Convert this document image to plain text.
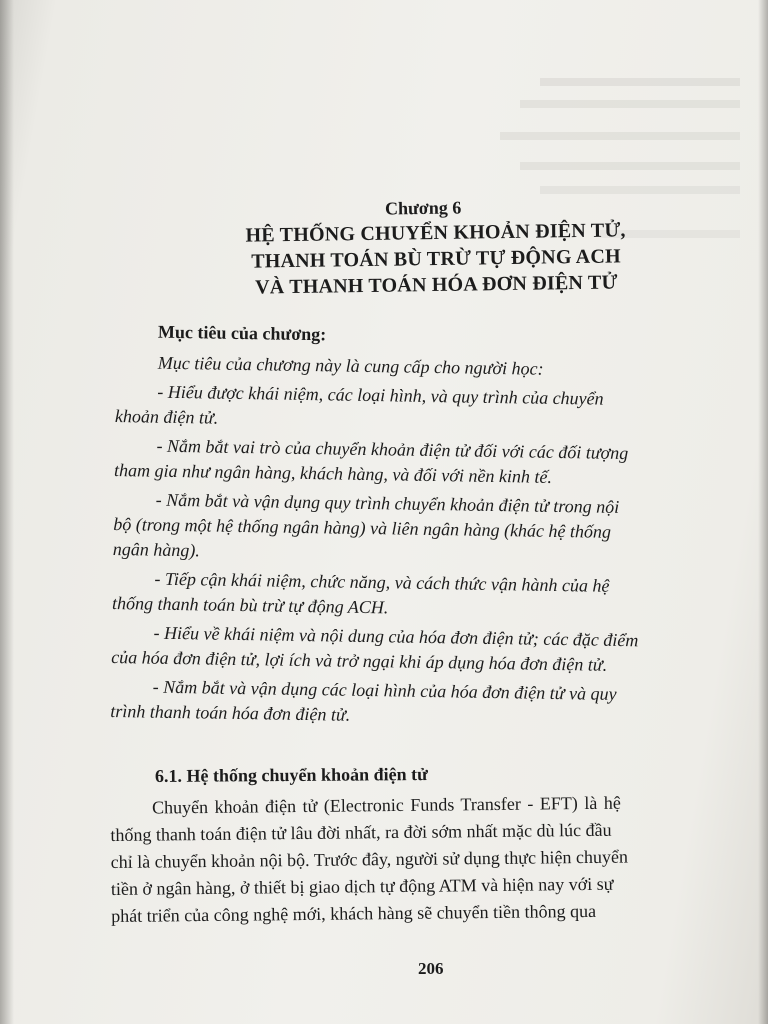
Chương 6
HỆ THỐNG CHUYỂN KHOẢN ĐIỆN TỬ,
THANH TOÁN BÙ TRỪ TỰ ĐỘNG ACH
VÀ THANH TOÁN HÓA ĐƠN ĐIỆN TỬ
Mục tiêu của chương:
Mục tiêu của chương này là cung cấp cho người học:
- Hiểu được khái niệm, các loại hình, và quy trình của chuyển
khoản điện tử.
- Nắm bắt vai trò của chuyển khoản điện tử đối với các đối tượng
tham gia như ngân hàng, khách hàng, và đối với nền kinh tế.
- Nắm bắt và vận dụng quy trình chuyển khoản điện tử trong nội
bộ (trong một hệ thống ngân hàng) và liên ngân hàng (khác hệ thống
ngân hàng).
- Tiếp cận khái niệm, chức năng, và cách thức vận hành của hệ
thống thanh toán bù trừ tự động ACH.
- Hiểu về khái niệm và nội dung của hóa đơn điện tử; các đặc điểm
của hóa đơn điện tử, lợi ích và trở ngại khi áp dụng hóa đơn điện tử.
- Nắm bắt và vận dụng các loại hình của hóa đơn điện tử và quy
trình thanh toán hóa đơn điện tử.
6.1. Hệ thống chuyển khoản điện tử
Chuyển khoản điện tử (Electronic Funds Transfer - EFT) là hệ
thống thanh toán điện tử lâu đời nhất, ra đời sớm nhất mặc dù lúc đầu
chỉ là chuyển khoản nội bộ. Trước đây, người sử dụng thực hiện chuyển
tiền ở ngân hàng, ở thiết bị giao dịch tự động ATM và hiện nay với sự
phát triển của công nghệ mới, khách hàng sẽ chuyển tiền thông qua
206
